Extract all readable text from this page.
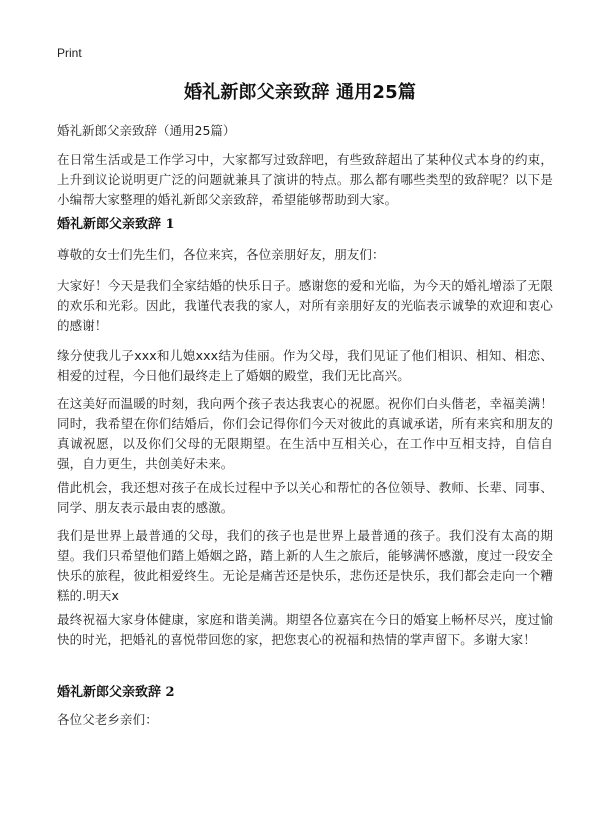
Print
婚礼新郎父亲致辞 通用25篇
婚礼新郎父亲致辞（通用25篇）
在日常生活或是工作学习中，大家都写过致辞吧，有些致辞超出了某种仪式本身的约束，上升到议论说明更广泛的问题就兼具了演讲的特点。那么都有哪些类型的致辞呢？以下是小编帮大家整理的婚礼新郎父亲致辞，希望能够帮助到大家。
婚礼新郎父亲致辞 1
尊敬的女士们先生们，各位来宾，各位亲朋好友，朋友们：
大家好！今天是我们全家结婚的快乐日子。感谢您的爱和光临，为今天的婚礼增添了无限的欢乐和光彩。因此，我谨代表我的家人，对所有亲朋好友的光临表示诚挚的欢迎和衷心的感谢！
缘分使我儿子xxx和儿媳xxx结为佳丽。作为父母，我们见证了他们相识、相知、相恋、相爱的过程，今日他们最终走上了婚姻的殿堂，我们无比高兴。
在这美好而温暖的时刻，我向两个孩子表达我衷心的祝愿。祝你们白头偕老，幸福美满！同时，我希望在你们结婚后，你们会记得你们今天对彼此的真诚承诺，所有来宾和朋友的真诚祝愿，以及你们父母的无限期望。在生活中互相关心，在工作中互相支持，自信自强，自力更生，共创美好未来。
借此机会，我还想对孩子在成长过程中予以关心和帮忙的各位领导、教师、长辈、同事、同学、朋友表示最由衷的感激。
我们是世界上最普通的父母，我们的孩子也是世界上最普通的孩子。我们没有太高的期望。我们只希望他们踏上婚姻之路，踏上新的人生之旅后，能够满怀感激，度过一段安全快乐的旅程，彼此相爱终生。无论是痛苦还是快乐，悲伤还是快乐，我们都会走向一个糟糕的.明天x
最终祝福大家身体健康，家庭和谐美满。期望各位嘉宾在今日的婚宴上畅杯尽兴，度过愉快的时光，把婚礼的喜悦带回您的家，把您衷心的祝福和热情的掌声留下。多谢大家！
婚礼新郎父亲致辞 2
各位父老乡亲们：
